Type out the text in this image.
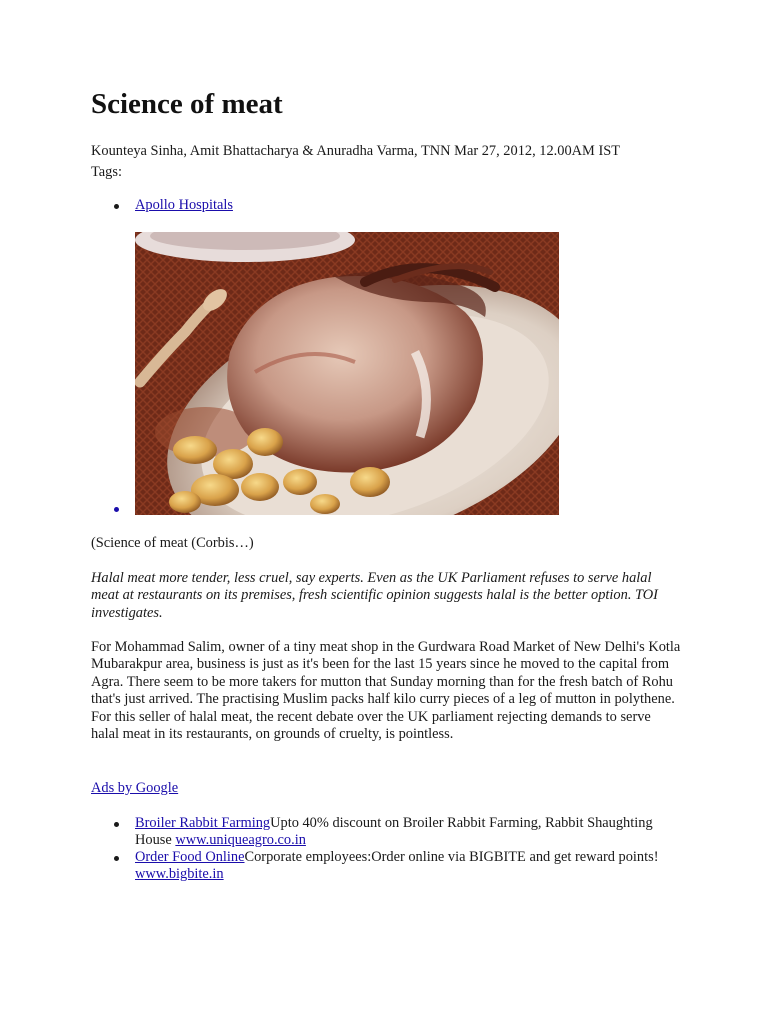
Science of meat
Kounteya Sinha, Amit Bhattacharya & Anuradha Varma, TNN Mar 27, 2012, 12.00AM IST
Tags:
Apollo Hospitals
(Science of meat (Corbis…)

Halal meat more tender, less cruel, say experts. Even as the UK Parliament refuses to serve halal meat at restaurants on its premises, fresh scientific opinion suggests halal is the better option. TOI investigates.

For Mohammad Salim, owner of a tiny meat shop in the Gurdwara Road Market of New Delhi's Kotla Mubarakpur area, business is just as it's been for the last 15 years since he moved to the capital from Agra. There seem to be more takers for mutton that Sunday morning than for the fresh batch of Rohu that's just arrived. The practising Muslim packs half kilo curry pieces of a leg of mutton in polythene. For this seller of halal meat, the recent debate over the UK parliament rejecting demands to serve halal meat in its restaurants, on grounds of cruelty, is pointless.

Ads by Google
Broiler Rabbit FarmingUpto 40% discount on Broiler Rabbit Farming, Rabbit Shaughting House www.uniqueagro.co.in
Order Food OnlineCorporate employees:Order online via BIGBITE and get reward points! www.bigbite.in
